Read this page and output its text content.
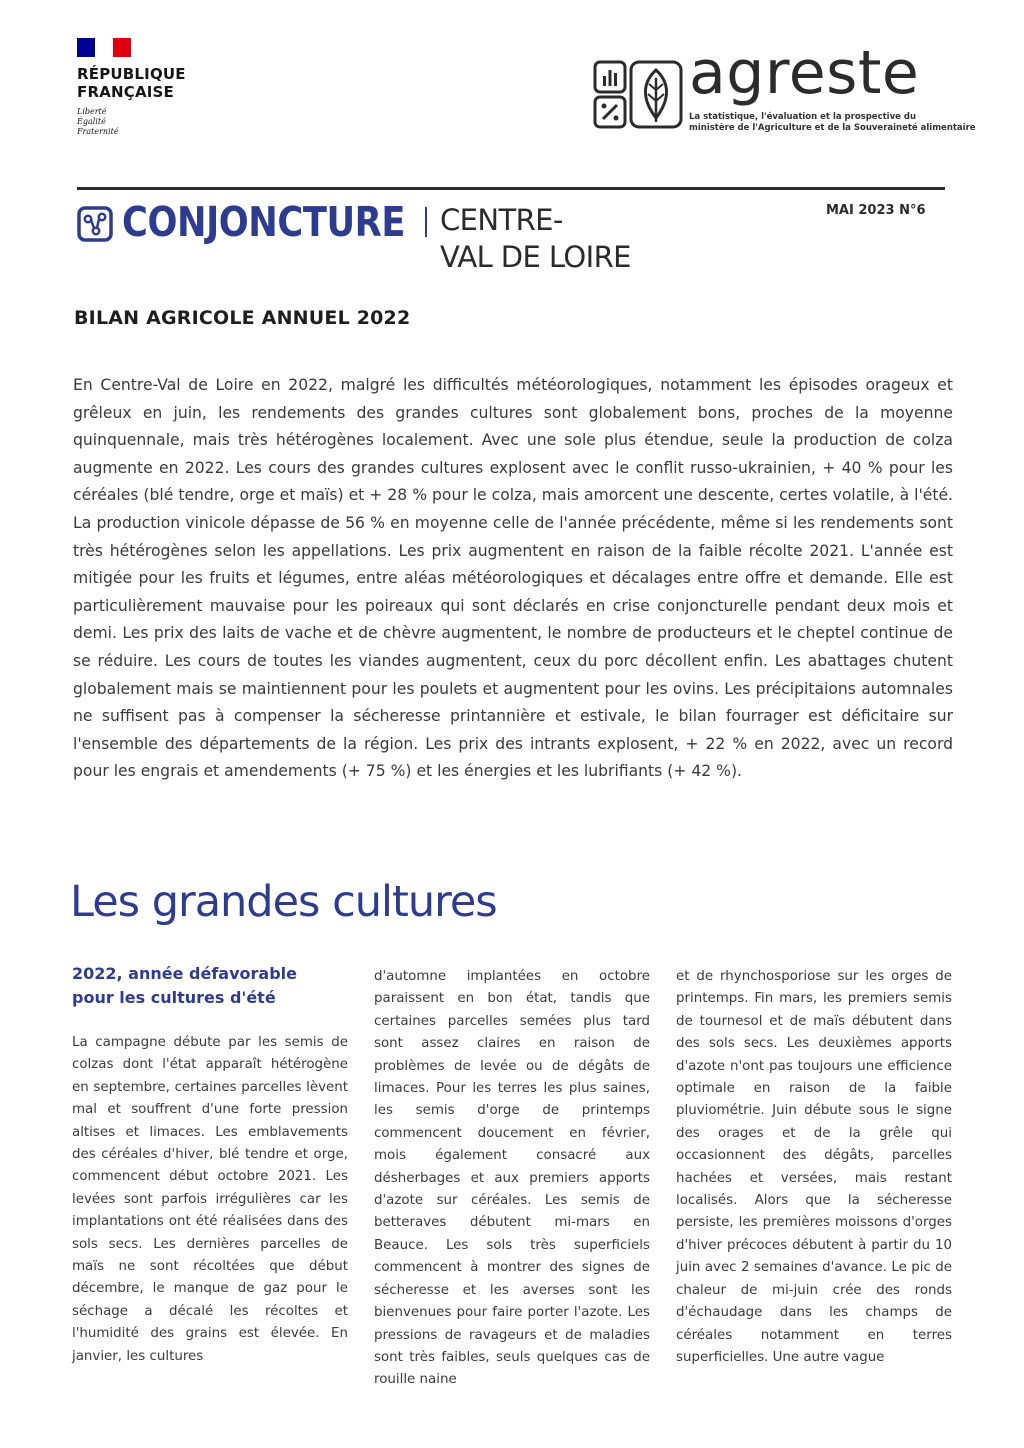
RÉPUBLIQUE
FRANÇAISE
Liberté
Égalité
Fraternité
agreste
La statistique, l'évaluation et la prospective du
ministère de l'Agriculture et de la Souveraineté alimentaire
CONJONCTURE CENTRE-
VAL DE LOIRE
MAI 2023 N°6
BILAN AGRICOLE ANNUEL 2022

En Centre-Val de Loire en 2022, malgré les difficultés météorologiques, notamment les épisodes orageux et grêleux en juin, les rendements des grandes cultures sont globalement bons, proches de la moyenne quinquennale, mais très hétérogènes localement. Avec une sole plus étendue, seule la production de colza augmente en 2022. Les cours des grandes cultures explosent avec le conflit russo-ukrainien, + 40 % pour les céréales (blé tendre, orge et maïs) et + 28 % pour le colza, mais amorcent une descente, certes volatile, à l'été. La production vinicole dépasse de 56 % en moyenne celle de l'année précédente, même si les rendements sont très hétérogènes selon les appellations. Les prix augmentent en raison de la faible récolte 2021. L'année est mitigée pour les fruits et légumes, entre aléas météorologiques et décalages entre offre et demande. Elle est particulièrement mauvaise pour les poireaux qui sont déclarés en crise conjoncturelle pendant deux mois et demi. Les prix des laits de vache et de chèvre augmentent, le nombre de producteurs et le cheptel continue de se réduire. Les cours de toutes les viandes augmentent, ceux du porc décollent enfin. Les abattages chutent globalement mais se maintiennent pour les poulets et augmentent pour les ovins. Les précipitaions automnales ne suffisent pas à compenser la sécheresse printannière et estivale, le bilan fourrager est déficitaire sur l'ensemble des départements de la région. Les prix des intrants explosent, + 22 % en 2022, avec un record pour les engrais et amendements (+ 75 %) et les énergies et les lubrifiants (+ 42 %).

Les grandes cultures
2022, année défavorable
pour les cultures d'été

La campagne débute par les semis de colzas dont l'état apparaît hétérogène en septembre, certaines parcelles lèvent mal et souffrent d'une forte pression altises et limaces. Les emblavements des céréales d'hiver, blé tendre et orge, commencent début octobre 2021. Les levées sont parfois irrégulières car les implantations ont été réalisées dans des sols secs. Les dernières parcelles de maïs ne sont récoltées que début décembre, le manque de gaz pour le séchage a décalé les récoltes et l'humidité des grains est élevée. En janvier, les cultures

d'automne implantées en octobre paraissent en bon état, tandis que certaines parcelles semées plus tard sont assez claires en raison de problèmes de levée ou de dégâts de limaces. Pour les terres les plus saines, les semis d'orge de printemps commencent doucement en février, mois également consacré aux désherbages et aux premiers apports d'azote sur céréales. Les semis de betteraves débutent mi-mars en Beauce. Les sols très superficiels commencent à montrer des signes de sécheresse et les averses sont les bienvenues pour faire porter l'azote. Les pressions de ravageurs et de maladies sont très faibles, seuls quelques cas de rouille naine

et de rhynchosporiose sur les orges de printemps. Fin mars, les premiers semis de tournesol et de maïs débutent dans des sols secs. Les deuxièmes apports d'azote n'ont pas toujours une efficience optimale en raison de la faible pluviométrie. Juin débute sous le signe des orages et de la grêle qui occasionnent des dégâts, parcelles hachées et versées, mais restant localisés. Alors que la sécheresse persiste, les premières moissons d'orges d'hiver précoces débutent à partir du 10 juin avec 2 semaines d'avance. Le pic de chaleur de mi-juin crée des ronds d'échaudage dans les champs de céréales notamment en terres superficielles. Une autre vague
